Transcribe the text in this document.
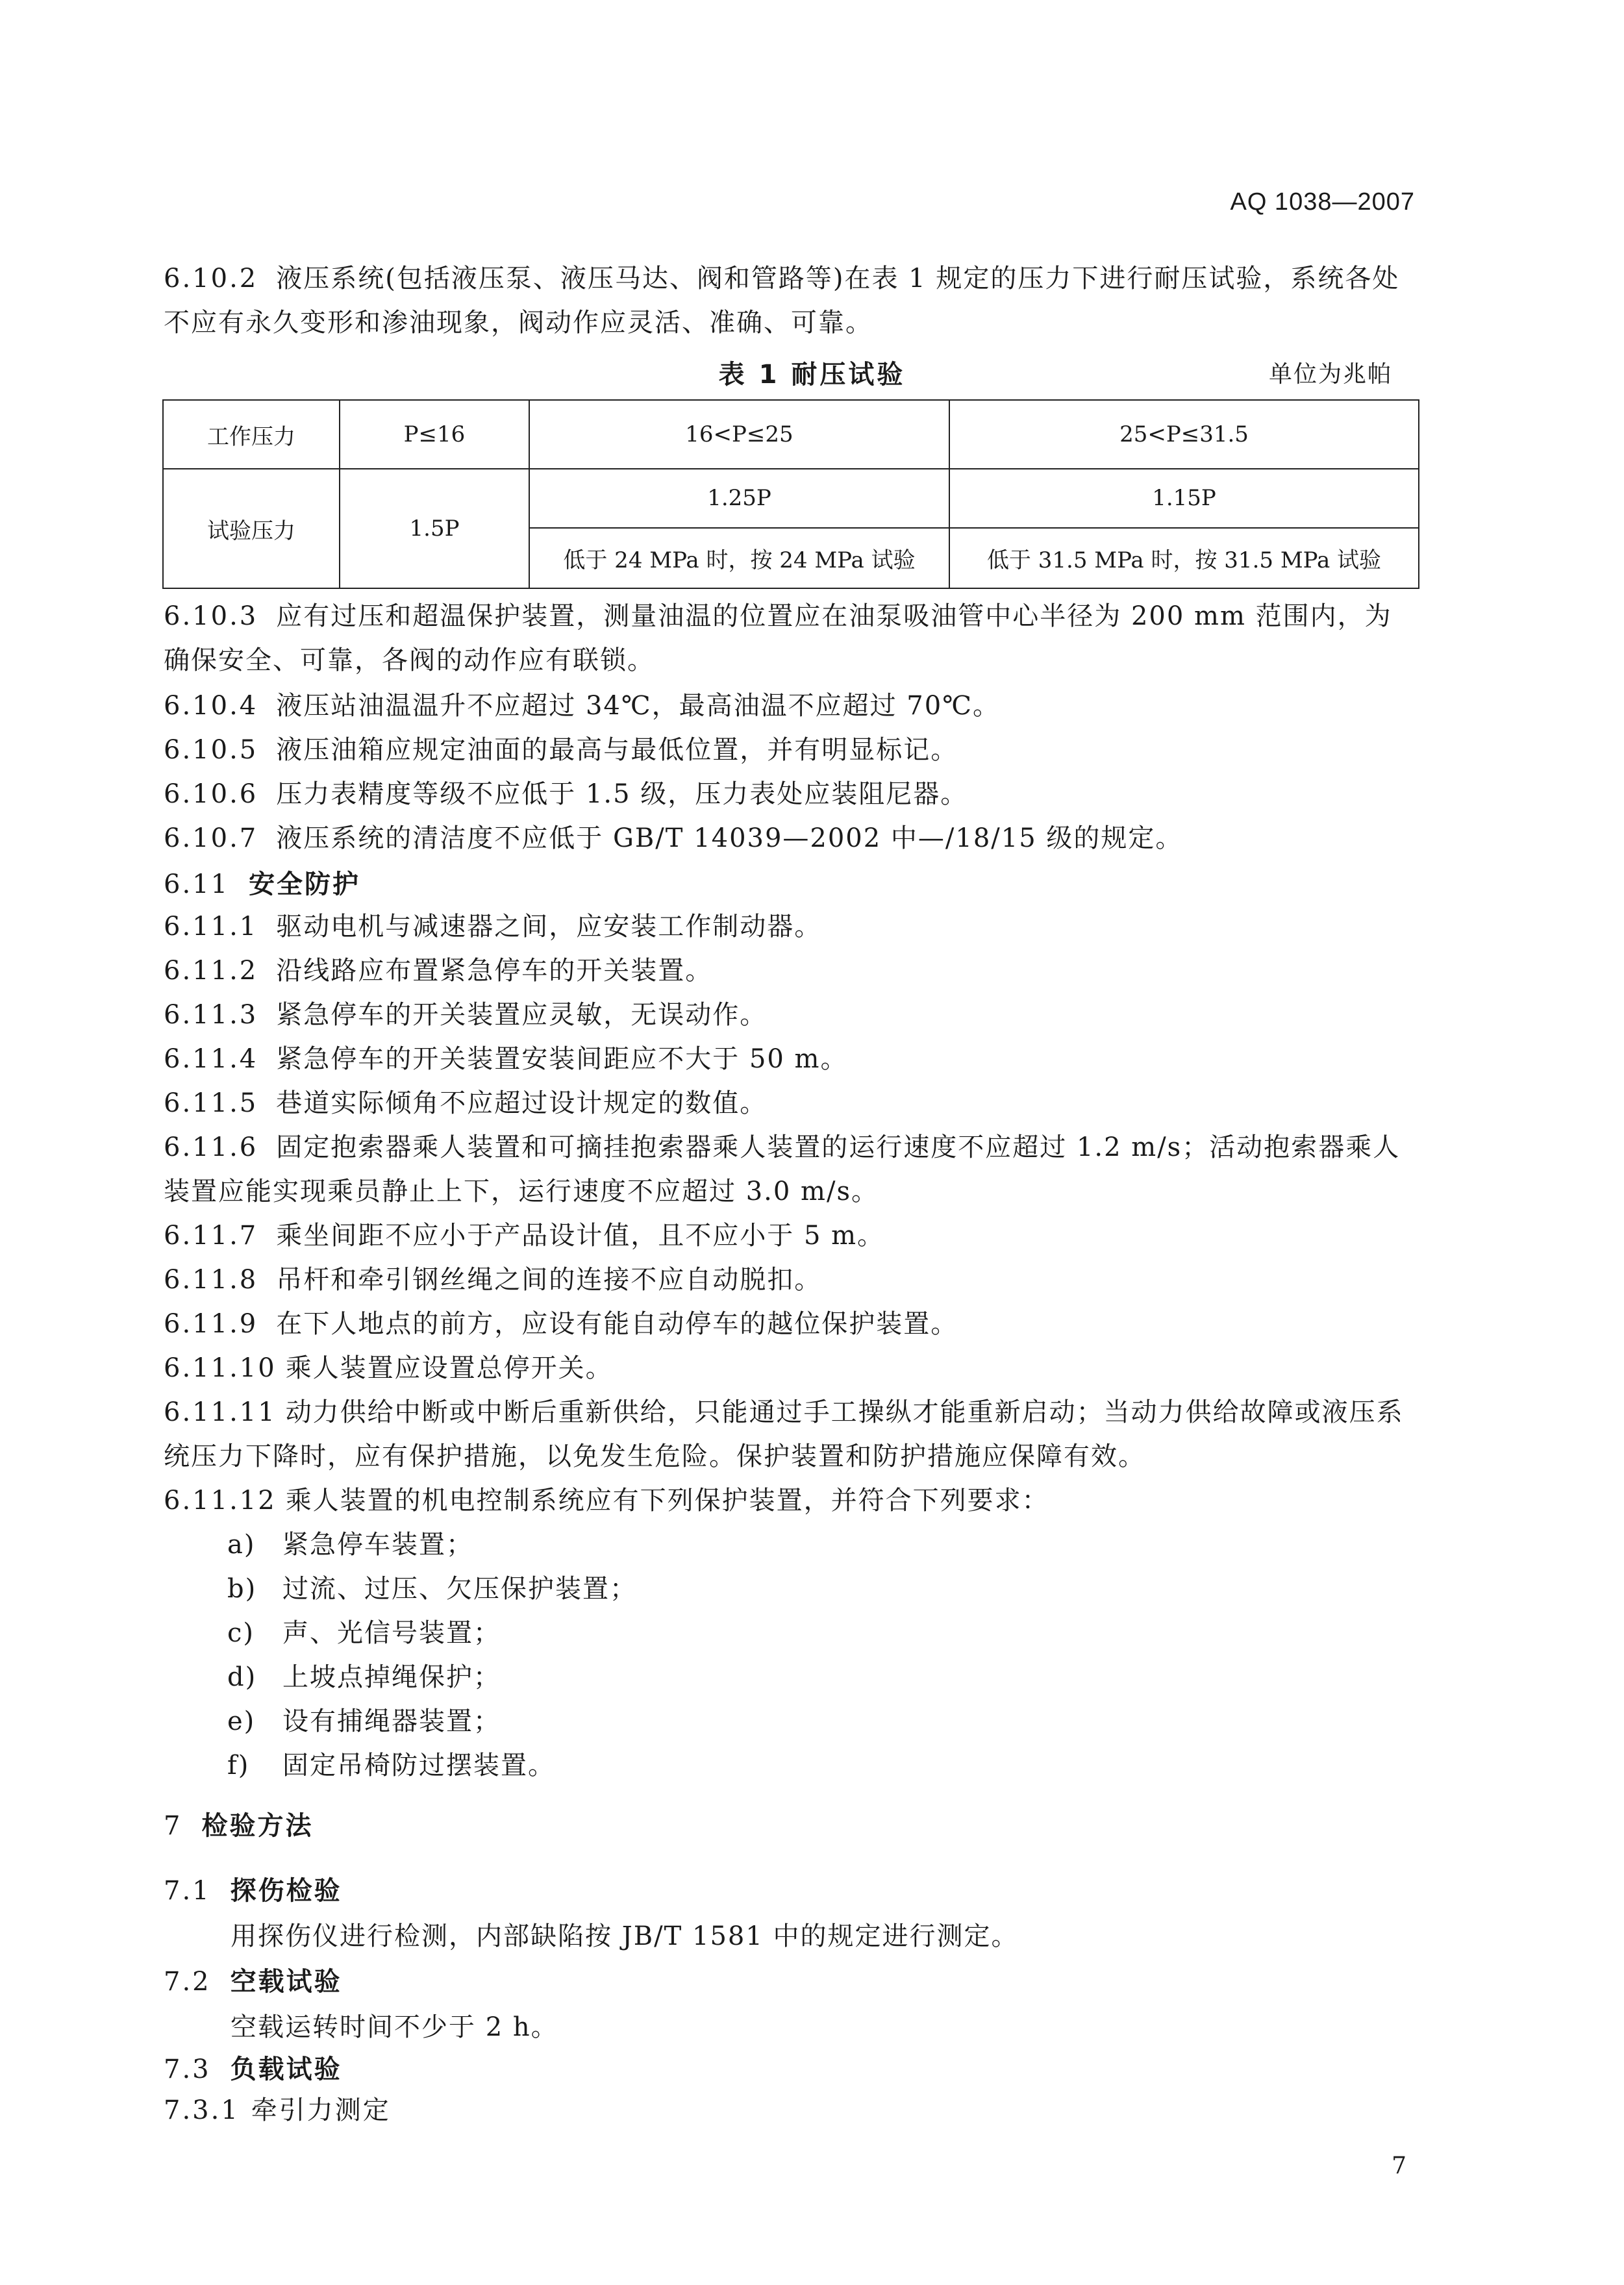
AQ 1038—2007
6.10.2 液压系统(包括液压泵、液压马达、阀和管路等)在表 1 规定的压力下进行耐压试验，系统各处不应有永久变形和渗油现象，阀动作应灵活、准确、可靠。
表 1 耐压试验	单位为兆帕
工作压力	P≤16	16<P≤25	25<P≤31.5
试验压力	1.5P	1.25P	1.15P
		低于 24 MPa 时，按 24 MPa 试验	低于 31.5 MPa 时，按 31.5 MPa 试验
6.10.3 应有过压和超温保护装置，测量油温的位置应在油泵吸油管中心半径为 200 mm 范围内，为确保安全、可靠，各阀的动作应有联锁。
6.10.4 液压站油温温升不应超过 34℃，最高油温不应超过 70℃。
6.10.5 液压油箱应规定油面的最高与最低位置，并有明显标记。
6.10.6 压力表精度等级不应低于 1.5 级，压力表处应装阻尼器。
6.10.7 液压系统的清洁度不应低于 GB/T 14039—2002 中—/18/15 级的规定。
6.11 安全防护
6.11.1 驱动电机与减速器之间，应安装工作制动器。
6.11.2 沿线路应布置紧急停车的开关装置。
6.11.3 紧急停车的开关装置应灵敏，无误动作。
6.11.4 紧急停车的开关装置安装间距应不大于 50 m。
6.11.5 巷道实际倾角不应超过设计规定的数值。
6.11.6 固定抱索器乘人装置和可摘挂抱索器乘人装置的运行速度不应超过 1.2 m/s；活动抱索器乘人装置应能实现乘员静止上下，运行速度不应超过 3.0 m/s。
6.11.7 乘坐间距不应小于产品设计值，且不应小于 5 m。
6.11.8 吊杆和牵引钢丝绳之间的连接不应自动脱扣。
6.11.9 在下人地点的前方，应设有能自动停车的越位保护装置。
6.11.10 乘人装置应设置总停开关。
6.11.11 动力供给中断或中断后重新供给，只能通过手工操纵才能重新启动；当动力供给故障或液压系统压力下降时，应有保护措施，以免发生危险。保护装置和防护措施应保障有效。
6.11.12 乘人装置的机电控制系统应有下列保护装置，并符合下列要求：
a) 紧急停车装置；
b) 过流、过压、欠压保护装置；
c) 声、光信号装置；
d) 上坡点掉绳保护；
e) 设有捕绳器装置；
f) 固定吊椅防过摆装置。
7 检验方法
7.1 探伤检验
用探伤仪进行检测，内部缺陷按 JB/T 1581 中的规定进行测定。
7.2 空载试验
空载运转时间不少于 2 h。
7.3 负载试验
7.3.1 牵引力测定
7
